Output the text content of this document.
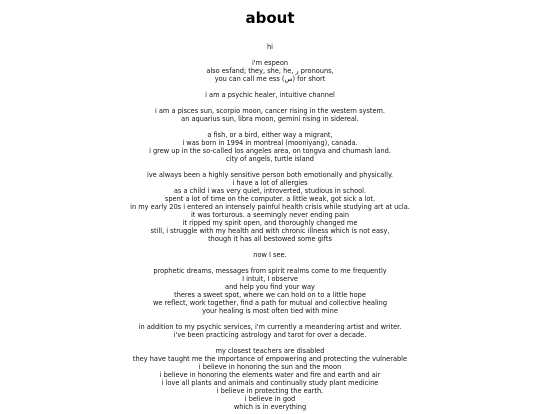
about
hi
i'm espeon
also esfand; they, she, he, ر pronouns,
you can call me ess (س) for short
i am a psychic healer, intuitive channel
i am a pisces sun, scorpio moon, cancer rising in the western system.
an aquarius sun, libra moon, gemini rising in sidereal.
a fish, or a bird, either way a migrant,
i was born in 1994 in montreal (mooniyang), canada.
i grew up in the so-called los angeles area, on tongva and chumash land.
city of angels, turtle island
ive always been a highly sensitive person both emotionally and physically.
i have a lot of allergies
as a child i was very quiet, introverted, studious in school.
spent a lot of time on the computer. a little weak, got sick a lot.
in my early 20s i entered an intensely painful health crisis while studying art at ucla.
it was torturous. a seemingly never ending pain
it ripped my spirit open, and thoroughly changed me
still, i struggle with my health and with chronic illness which is not easy,
though it has all bestowed some gifts
now I see.
prophetic dreams, messages from spirit realms come to me frequently
I intuit, I observe
and help you find your way
theres a sweet spot, where we can hold on to a little hope
we reflect, work together, find a path for mutual and collective healing
your healing is most often tied with mine
in addition to my psychic services, i'm currently a meandering artist and writer.
i've been practicing astrology and tarot for over a decade.
my closest teachers are disabled
they have taught me the importance of empowering and protecting the vulnerable
i believe in honoring the sun and the moon
i believe in honoring the elements water and fire and earth and air
i love all plants and animals and continually study plant medicine
i believe in protecting the earth.
i believe in god
which is in everything
